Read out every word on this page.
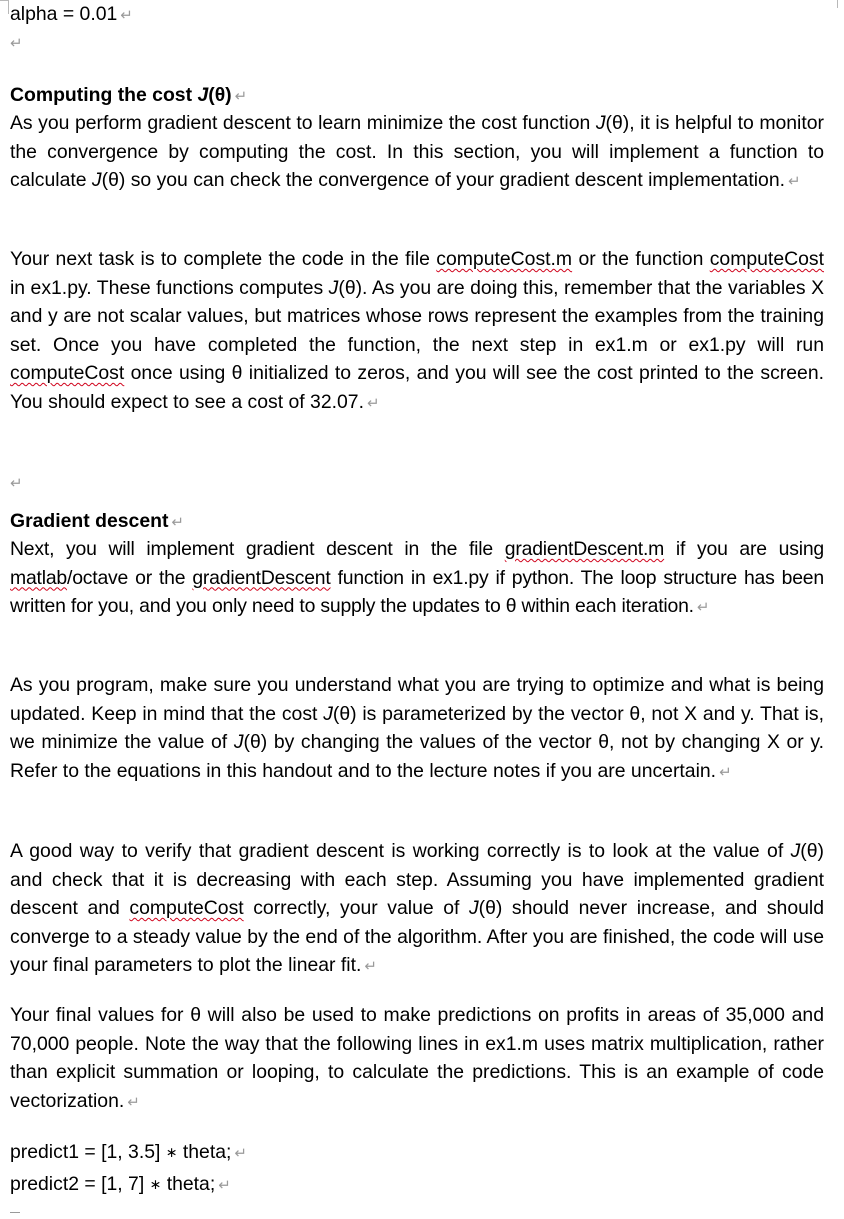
alpha = 0.01 ↵
↵
Computing the cost J(θ) ↵
As you perform gradient descent to learn minimize the cost function J(θ), it is helpful to monitor the convergence by computing the cost. In this section, you will implement a function to calculate J(θ) so you can check the convergence of your gradient descent implementation. ↵
Your next task is to complete the code in the file computeCost.m or the function computeCost in ex1.py. These functions computes J(θ). As you are doing this, remember that the variables X and y are not scalar values, but matrices whose rows represent the examples from the training set. Once you have completed the function, the next step in ex1.m or ex1.py will run computeCost once using θ initialized to zeros, and you will see the cost printed to the screen. You should expect to see a cost of 32.07. ↵
↵
Gradient descent ↵
Next, you will implement gradient descent in the file gradientDescent.m if you are using matlab/octave or the gradientDescent function in ex1.py if python. The loop structure has been written for you, and you only need to supply the updates to θ within each iteration. ↵
As you program, make sure you understand what you are trying to optimize and what is being updated. Keep in mind that the cost J(θ) is parameterized by the vector θ, not X and y. That is, we minimize the value of J(θ) by changing the values of the vector θ, not by changing X or y. Refer to the equations in this handout and to the lecture notes if you are uncertain. ↵
A good way to verify that gradient descent is working correctly is to look at the value of J(θ) and check that it is decreasing with each step. Assuming you have implemented gradient descent and computeCost correctly, your value of J(θ) should never increase, and should converge to a steady value by the end of the algorithm. After you are finished, the code will use your final parameters to plot the linear fit. ↵
Your final values for θ will also be used to make predictions on profits in areas of 35,000 and 70,000 people. Note the way that the following lines in ex1.m uses matrix multiplication, rather than explicit summation or looping, to calculate the predictions. This is an example of code vectorization. ↵
predict1 = [1, 3.5] ∗ theta; ↵
predict2 = [1, 7] ∗ theta; ↵
